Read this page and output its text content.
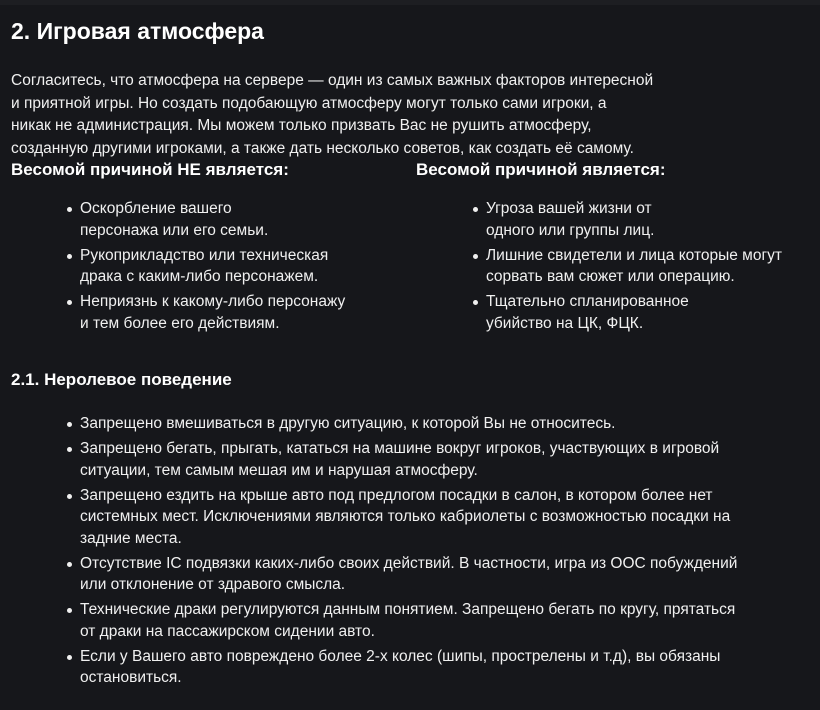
2. Игровая атмосфера

Согласитесь, что атмосфера на сервере — один из самых важных факторов интересной
и приятной игры. Но создать подобающую атмосферу могут только сами игроки, а
никак не администрация. Мы можем только призвать Вас не рушить атмосферу,
созданную другими игроками, а также дать несколько советов, как создать её самому.

Весомой причиной НЕ является:
Оскорбление вашего
персонажа или его семьи.
Рукоприкладство или техническая
драка с каким-либо персонажем.
Неприязнь к какому-либо персонажу
и тем более его действиям.
Весомой причиной является:
Угроза вашей жизни от
одного или группы лиц.
Лишние свидетели и лица которые могут
сорвать вам сюжет или операцию.
Тщательно спланированное
убийство на ЦК, ФЦК.
2.1. Неролевое поведение
Запрещено вмешиваться в другую ситуацию, к которой Вы не относитесь.
Запрещено бегать, прыгать, кататься на машине вокруг игроков, участвующих в игровой
ситуации, тем самым мешая им и нарушая атмосферу.
Запрещено ездить на крыше авто под предлогом посадки в салон, в котором более нет
системных мест. Исключениями являются только кабриолеты с возможностью посадки на
задние места.
Отсутствие IC подвязки каких-либо своих действий. В частности, игра из OOC побуждений
или отклонение от здравого смысла.
Технические драки регулируются данным понятием. Запрещено бегать по кругу, прятаться
от драки на пассажирском сидении авто.
Если у Вашего авто повреждено более 2-х колес (шипы, прострелены и т.д), вы обязаны
остановиться.
